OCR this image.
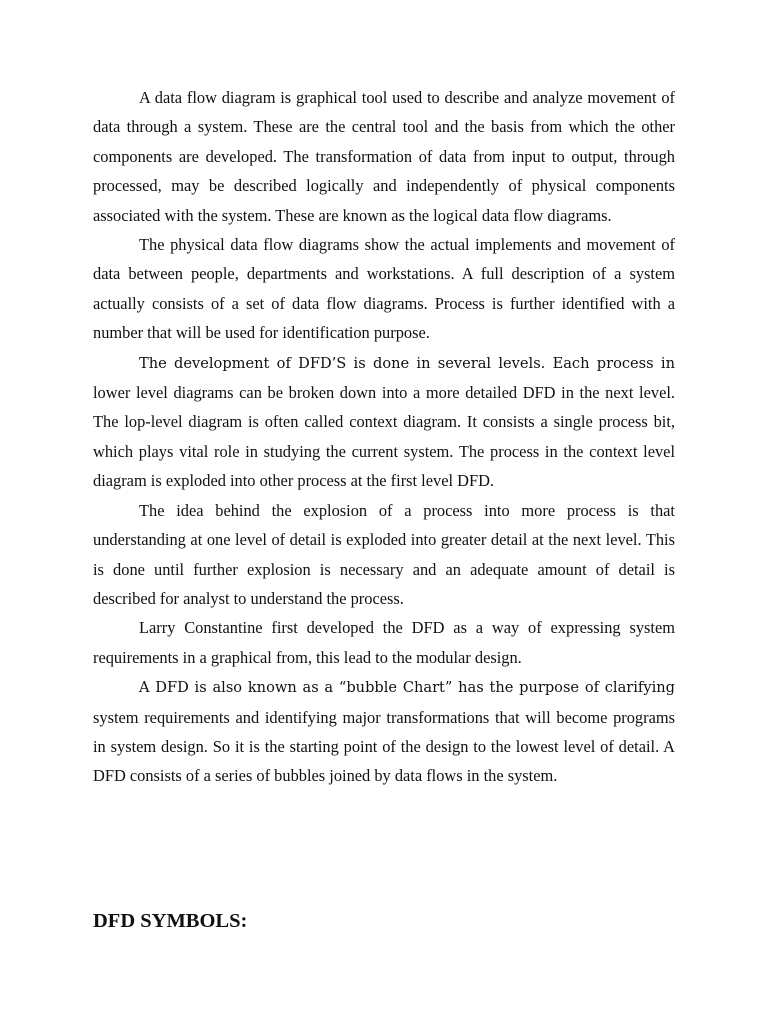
A data flow diagram is graphical tool used to describe and analyze movement of data through a system. These are the central tool and the basis from which the other components are developed. The transformation of data from input to output, through processed, may be described logically and independently of physical components associated with the system. These are known as the logical data flow diagrams.

The physical data flow diagrams show the actual implements and movement of data between people, departments and workstations. A full description of a system actually consists of a set of data flow diagrams. Process is further identified with a number that will be used for identification purpose.

The development of DFD’S is done in several levels. Each process in lower level diagrams can be broken down into a more detailed DFD in the next level. The lop-level diagram is often called context diagram. It consists a single process bit, which plays vital role in studying the current system. The process in the context level diagram is exploded into other process at the first level DFD.

The idea behind the explosion of a process into more process is that understanding at one level of detail is exploded into greater detail at the next level. This is done until further explosion is necessary and an adequate amount of detail is described for analyst to understand the process.

Larry Constantine first developed the DFD as a way of expressing system requirements in a graphical from, this lead to the modular design.

A DFD is also known as a “bubble Chart” has the purpose of clarifying system requirements and identifying major transformations that will become programs in system design. So it is the starting point of the design to the lowest level of detail. A DFD consists of a series of bubbles joined by data flows in the system.

DFD SYMBOLS:
